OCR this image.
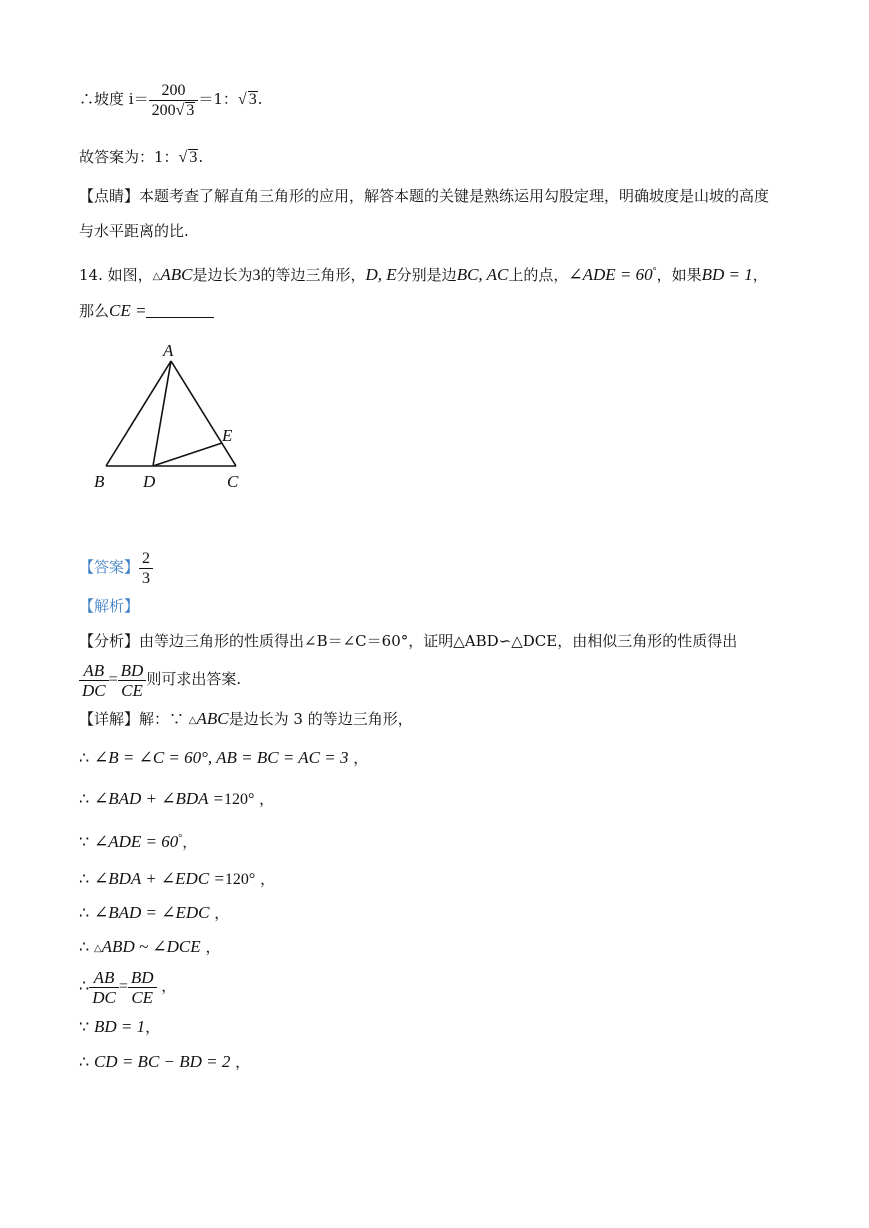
∴坡度 $i= \frac{200}{200√ 3} =1$：√ 3.
故答案为：1：√ 3.
【点睛】本题考查了解直角三角形的应用，解答本题的关键是熟练运用勾股定理，明确坡度是山坡的高度
与水平距离的比.
14. 如图，△ABC是边长为3的等边三角形，D, E分别是边BC, AC上的点，∠ADE = 60°，如果BD = 1，
那么CE =
A
B	C
D
E
【答案】 $\frac{2}{3}$
【解析】
【分析】由等边三角形的性质得出∠B＝∠C＝60°，证明△ABD∽△DCE，由相似三角形的性质得出
$\frac{AB}{DC} = \frac{BD}{CE}$ 则可求出答案.
【详解】解：∵ △ABC是边长为 3 的等边三角形，
∴ ∠B = ∠C = 60°, AB = BC = AC = 3 ，
∴ ∠BAD + ∠BDA =120° ，
∵ ∠ADE = 60°，
∴ ∠BDA + ∠EDC =120° ，
∴ ∠BAD = ∠EDC ，
∴ △ABD ~ ∠DCE ，
∴ $\frac{AB}{DC} = \frac{BD}{CE}$ ，
∵ BD = 1，
∴ CD = BC − BD = 2 ，
